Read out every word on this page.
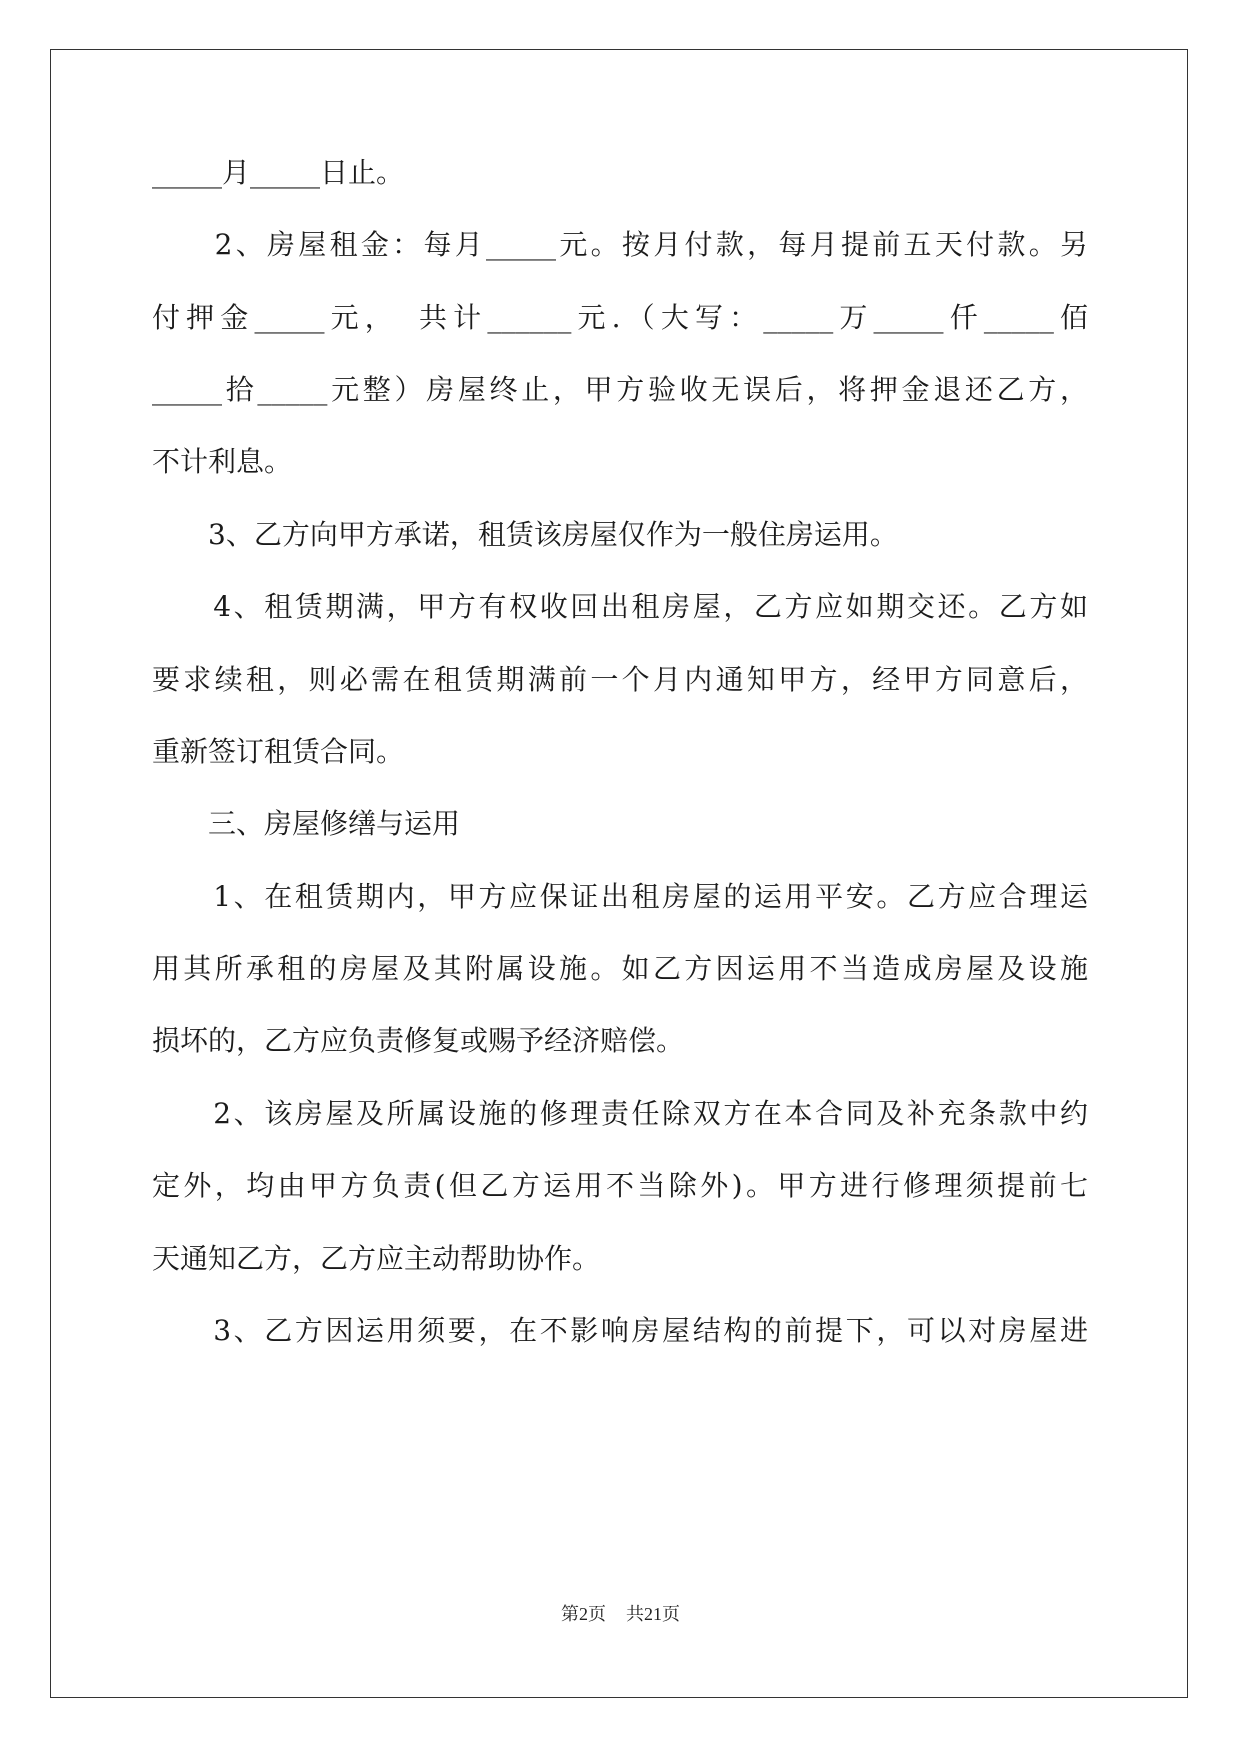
_____月_____日止。
　　2、房屋租金：每月_____元。按月付款，每月提前五天付款。另
付押金_____元，　共计______元.（大写：_____万_____仟_____佰
_____拾_____元整）房屋终止，甲方验收无误后，将押金退还乙方，
不计利息。
　　3、乙方向甲方承诺，租赁该房屋仅作为一般住房运用。
　　4、租赁期满，甲方有权收回出租房屋，乙方应如期交还。乙方如
要求续租，则必需在租赁期满前一个月内通知甲方，经甲方同意后，
重新签订租赁合同。
　　三、房屋修缮与运用
　　1、在租赁期内，甲方应保证出租房屋的运用平安。乙方应合理运
用其所承租的房屋及其附属设施。如乙方因运用不当造成房屋及设施
损坏的，乙方应负责修复或赐予经济赔偿。
　　2、该房屋及所属设施的修理责任除双方在本合同及补充条款中约
定外，均由甲方负责(但乙方运用不当除外)。甲方进行修理须提前七
天通知乙方，乙方应主动帮助协作。
　　3、乙方因运用须要，在不影响房屋结构的前提下，可以对房屋进
第2页 共21页
